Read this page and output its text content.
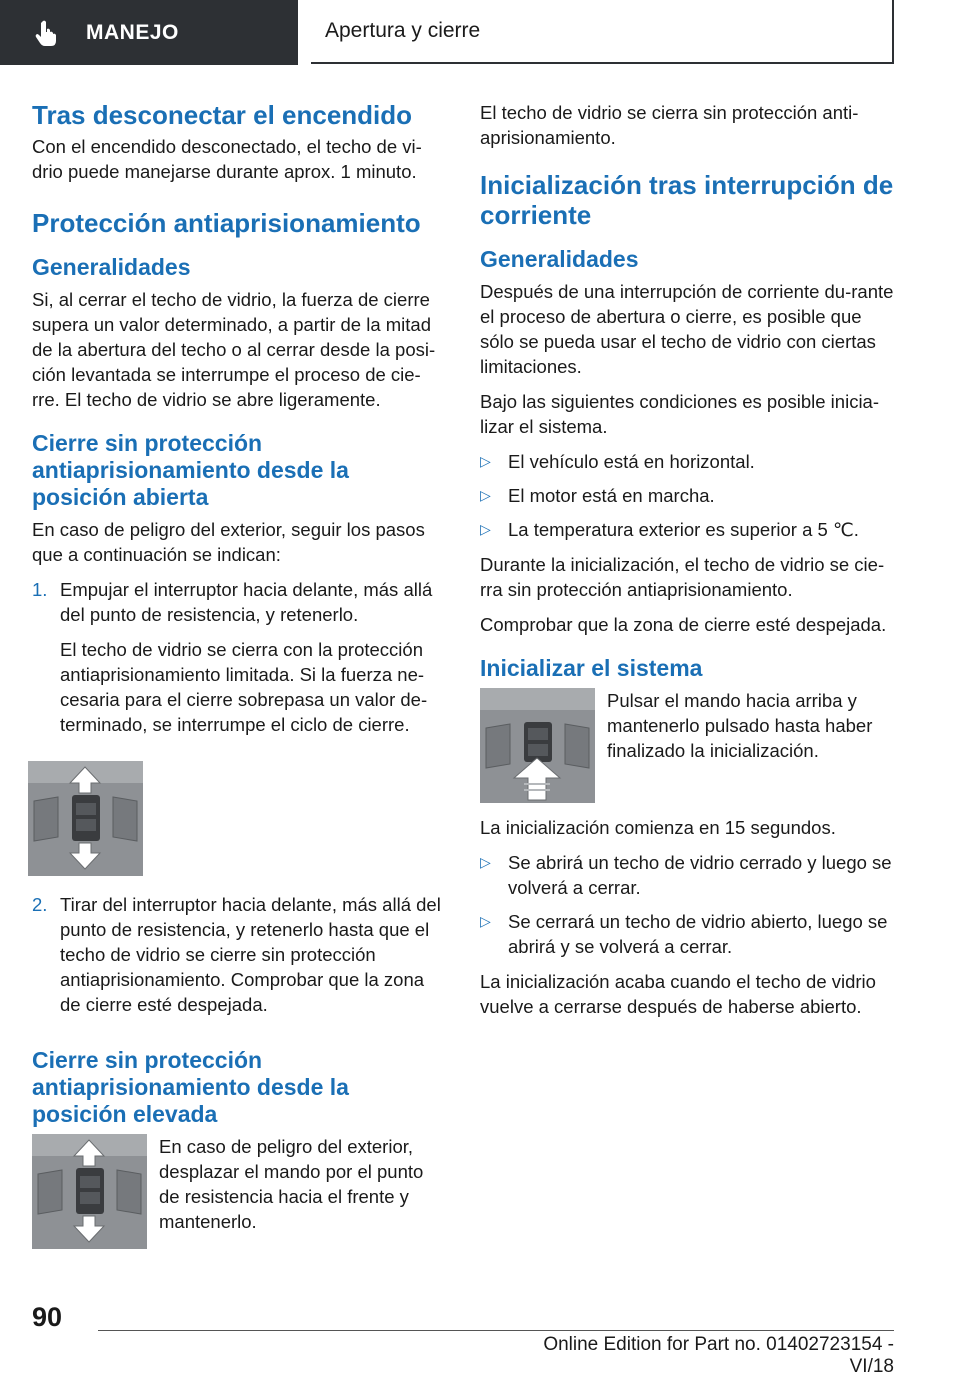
MANEJO	Apertura y cierre
Tras desconectar el encendido

Con el encendido desconectado, el techo de vi-drio puede manejarse durante aprox. 1 minuto.

Protección antiaprisionamiento
Generalidades

Si, al cerrar el techo de vidrio, la fuerza de cierre supera un valor determinado, a partir de la mitad de la abertura del techo o al cerrar desde la posi-ción levantada se interrumpe el proceso de cie-rre. El techo de vidrio se abre ligeramente.

Cierre sin protección antiaprisionamiento desde la posición abierta

En caso de peligro del exterior, seguir los pasos que a continuación se indican:

1. Empujar el interruptor hacia delante, más allá del punto de resistencia, y retenerlo.

El techo de vidrio se cierra con la protección antiaprisionamiento limitada. Si la fuerza ne-cesaria para el cierre sobrepasa un valor de-terminado, se interrumpe el ciclo de cierre.

2. Tirar del interruptor hacia delante, más allá del punto de resistencia, y retenerlo hasta que el techo de vidrio se cierre sin protección antiaprisionamiento. Comprobar que la zona de cierre esté despejada.

Cierre sin protección antiaprisionamiento desde la posición elevada

En caso de peligro del exterior, desplazar el mando por el punto de resistencia hacia el frente y mantenerlo.

El techo de vidrio se cierra sin protección anti-aprisionamiento.

Inicialización tras interrupción de corriente
Generalidades

Después de una interrupción de corriente du-rante el proceso de abertura o cierre, es posible que sólo se pueda usar el techo de vidrio con ciertas limitaciones.

Bajo las siguientes condiciones es posible inicia-lizar el sistema.

▷ El vehículo está en horizontal.
▷ El motor está en marcha.
▷ La temperatura exterior es superior a 5 ℃.

Durante la inicialización, el techo de vidrio se cie-rra sin protección antiaprisionamiento.

Comprobar que la zona de cierre esté despejada.

Inicializar el sistema

Pulsar el mando hacia arriba y mantenerlo pulsado hasta haber finalizado la inicialización.

La inicialización comienza en 15 segundos.

▷ Se abrirá un techo de vidrio cerrado y luego se volverá a cerrar.
▷ Se cerrará un techo de vidrio abierto, luego se abrirá y se volverá a cerrar.

La inicialización acaba cuando el techo de vidrio vuelve a cerrarse después de haberse abierto.

90
Online Edition for Part no. 01402723154 - VI/18
